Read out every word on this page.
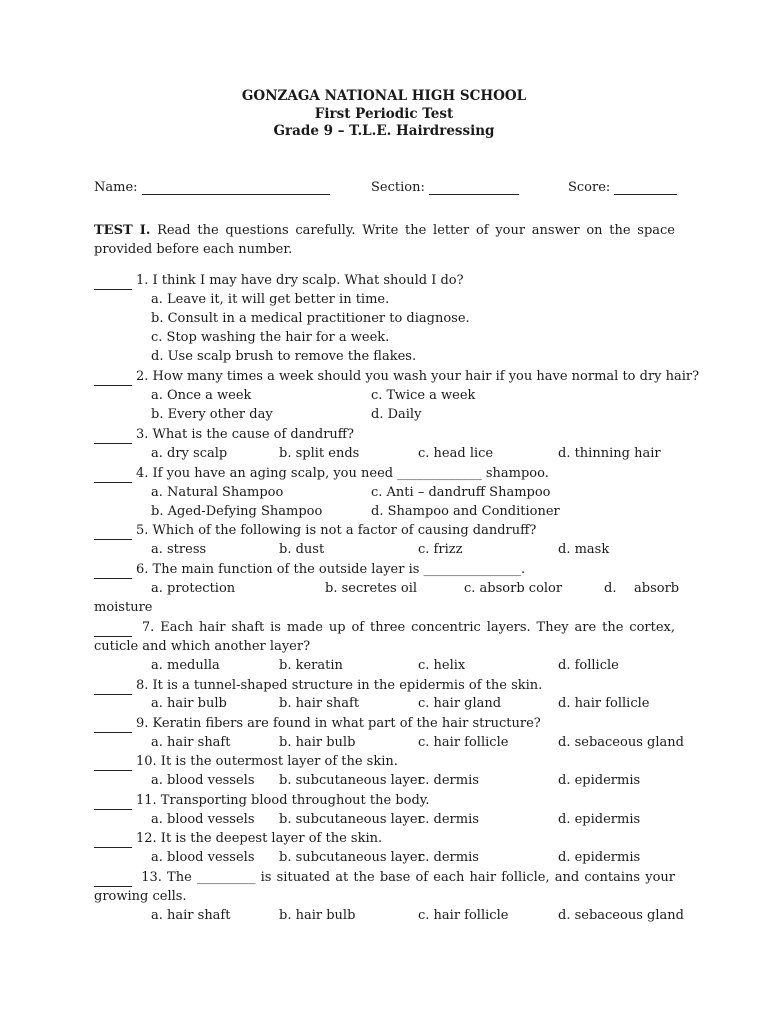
GONZAGA NATIONAL HIGH SCHOOL
First Periodic Test
Grade 9 – T.L.E. Hairdressing
Name:	Section:	Score:
TEST I. Read the questions carefully. Write the letter of your answer on the space provided before each number.
1. I think I may have dry scalp. What should I do?
a. Leave it, it will get better in time.
b. Consult in a medical practitioner to diagnose.
c. Stop washing the hair for a week.
d. Use scalp brush to remove the flakes.
2. How many times a week should you wash your hair if you have normal to dry hair?
a. Once a week	c. Twice a week
b. Every other day	d. Daily
3. What is the cause of dandruff?
a. dry scalp	b. split ends	c. head lice	d. thinning hair
4. If you have an aging scalp, you need _____________ shampoo.
a. Natural Shampoo	c. Anti – dandruff Shampoo
b. Aged-Defying Shampoo	d. Shampoo and Conditioner
5. Which of the following is not a factor of causing dandruff?
a. stress	b. dust	c. frizz	d. mask
6. The main function of the outside layer is _______________.
a. protection	b. secretes oil	c. absorb color	d. absorb
moisture
7. Each hair shaft is made up of three concentric layers. They are the cortex, cuticle and which another layer?
a. medulla	b. keratin	c. helix	d. follicle
8. It is a tunnel-shaped structure in the epidermis of the skin.
a. hair bulb	b. hair shaft	c. hair gland	d. hair follicle
9. Keratin fibers are found in what part of the hair structure?
a. hair shaft	b. hair bulb	c. hair follicle	d. sebaceous gland
10. It is the outermost layer of the skin.
a. blood vessels b. subcutaneous layer
c. dermis	d. epidermis
11. Transporting blood throughout the body.
a. blood vessels b. subcutaneous layer
c. dermis	d. epidermis
12. It is the deepest layer of the skin.
a. blood vessels b. subcutaneous layer
c. dermis	d. epidermis
13. The _________ is situated at the base of each hair follicle, and contains your growing cells.
a. hair shaft	b. hair bulb	c. hair follicle	d. sebaceous gland
